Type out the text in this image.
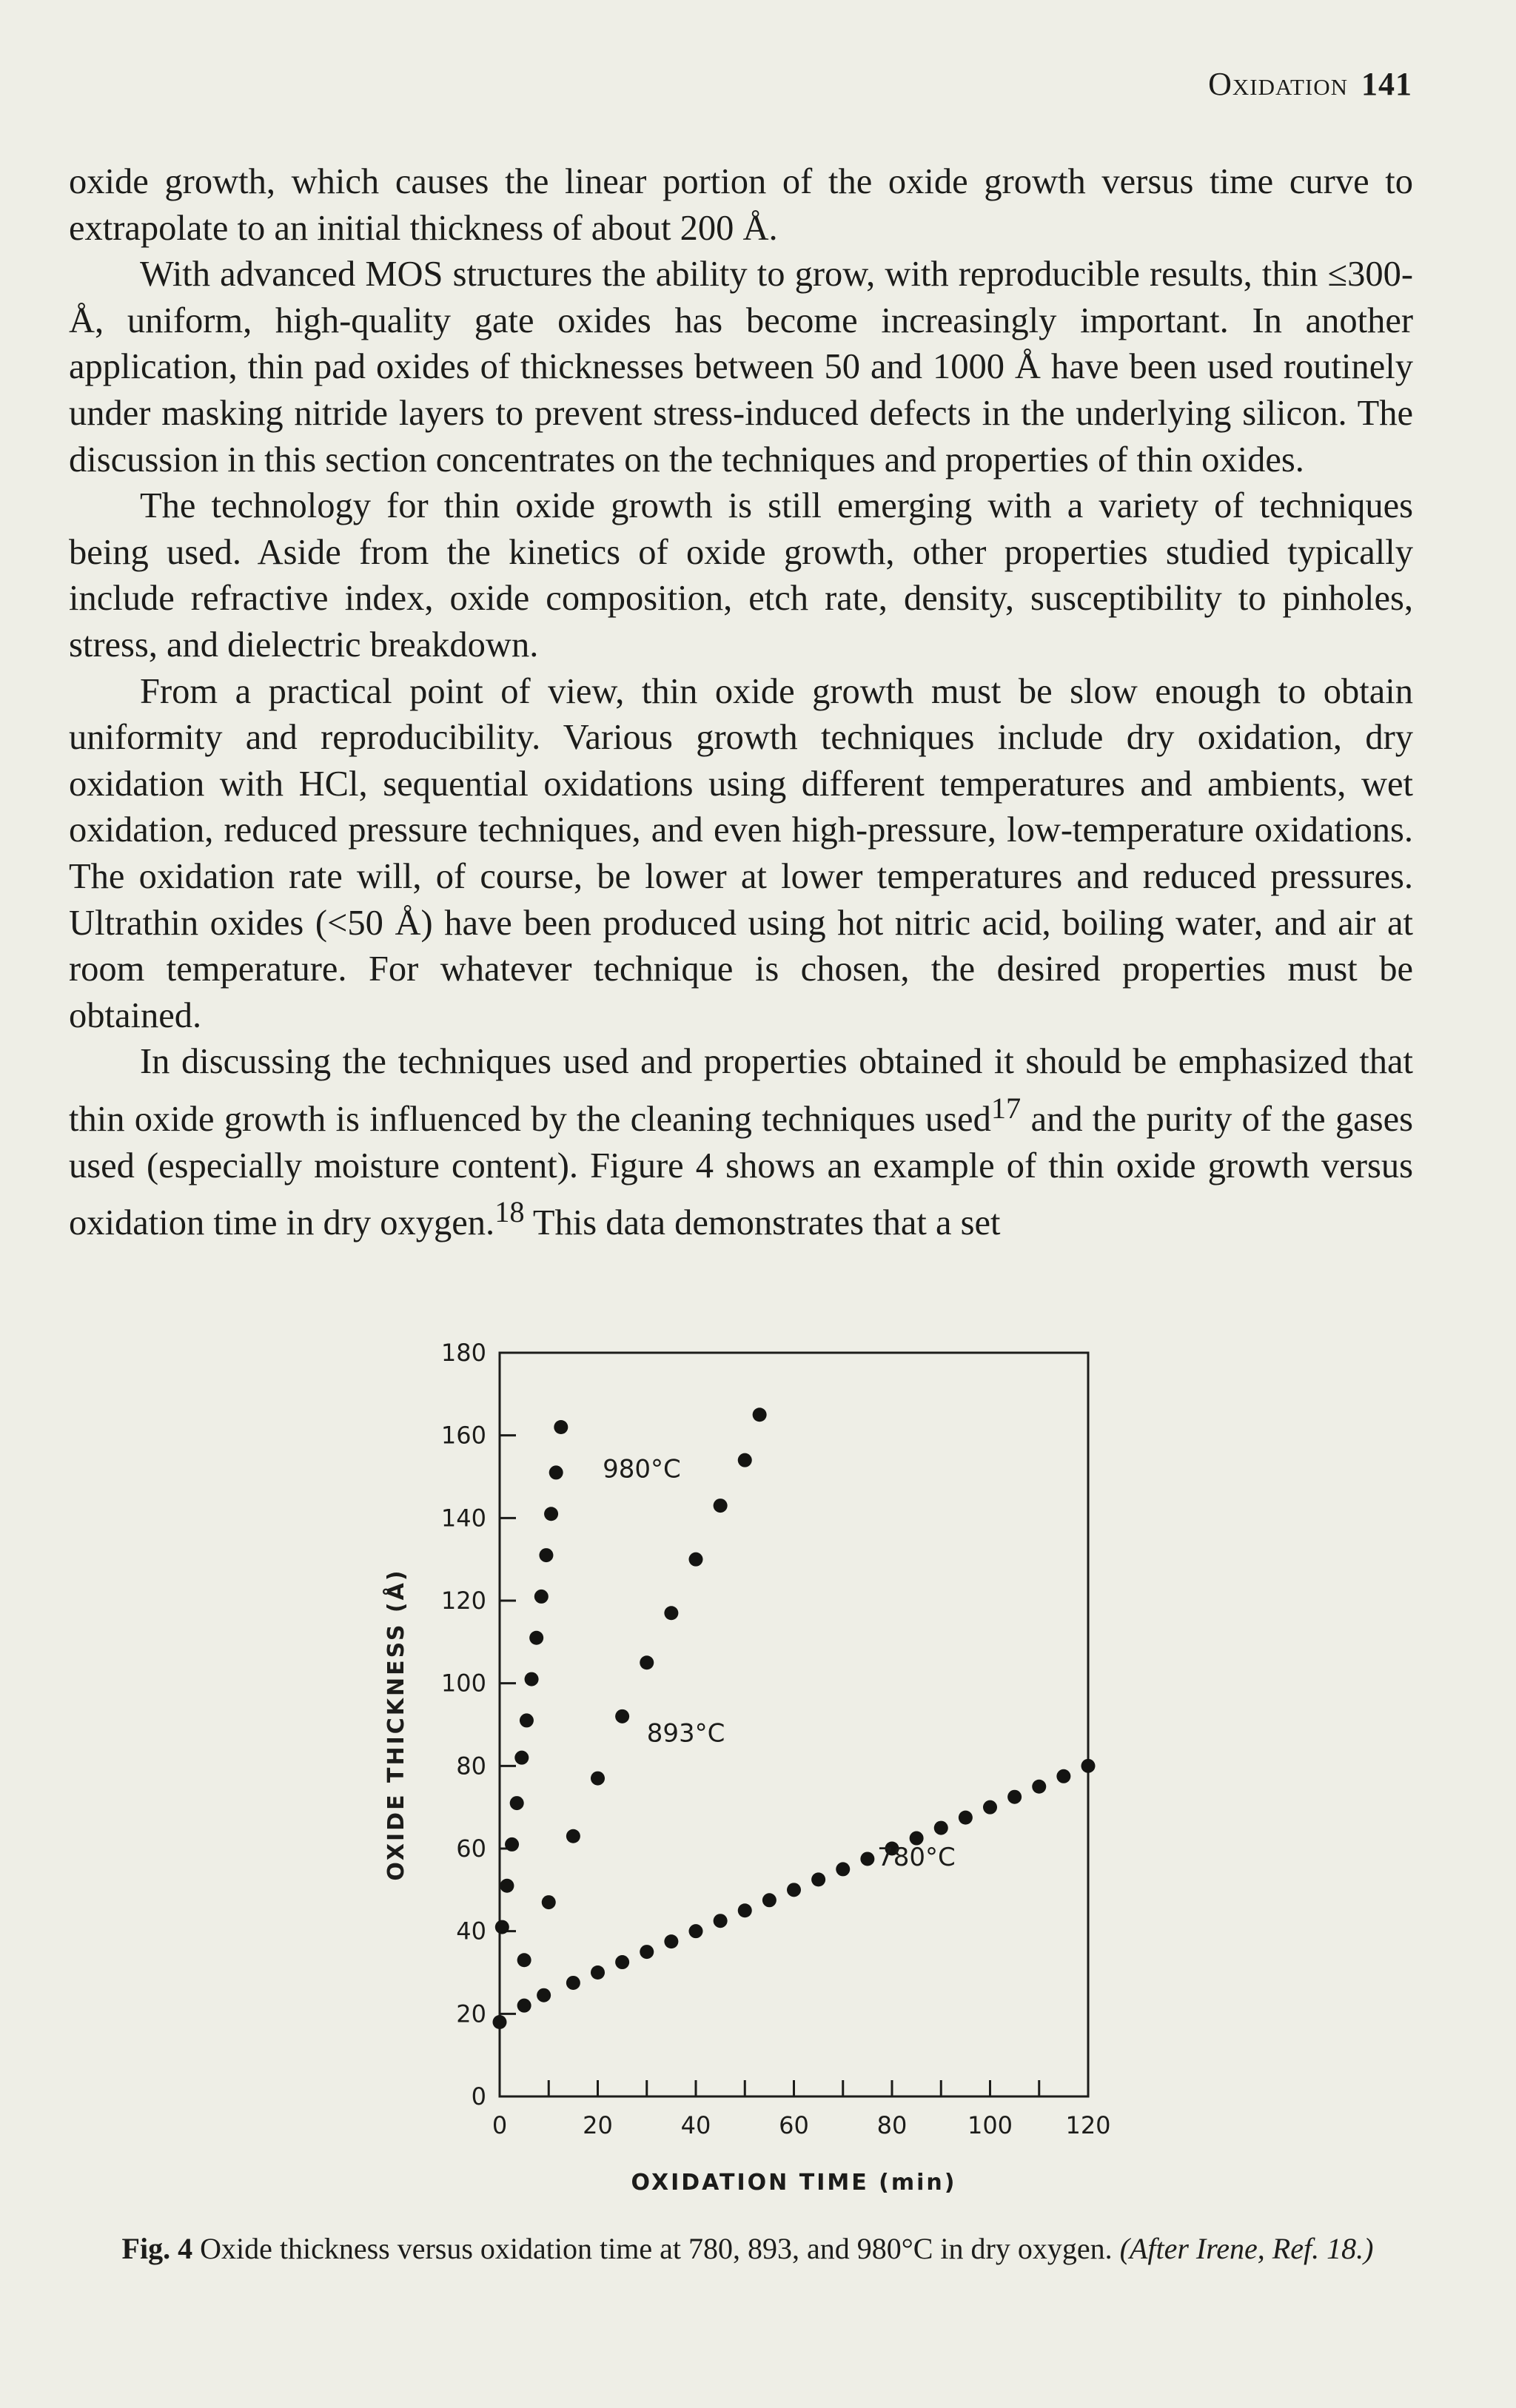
Oxidation 141

oxide growth, which causes the linear portion of the oxide growth versus time curve to extrapolate to an initial thickness of about 200 Å.

With advanced MOS structures the ability to grow, with reproducible results, thin ≤300-Å, uniform, high-quality gate oxides has become increasingly important. In another application, thin pad oxides of thicknesses between 50 and 1000 Å have been used routinely under masking nitride layers to prevent stress-induced defects in the underlying silicon. The discussion in this section concentrates on the techniques and properties of thin oxides.

The technology for thin oxide growth is still emerging with a variety of techniques being used. Aside from the kinetics of oxide growth, other properties studied typically include refractive index, oxide composition, etch rate, density, susceptibility to pinholes, stress, and dielectric breakdown.

From a practical point of view, thin oxide growth must be slow enough to obtain uniformity and reproducibility. Various growth techniques include dry oxidation, dry oxidation with HCl, sequential oxidations using different temperatures and ambients, wet oxidation, reduced pressure techniques, and even high-pressure, low-temperature oxidations. The oxidation rate will, of course, be lower at lower temperatures and reduced pressures. Ultrathin oxides (<50 Å) have been produced using hot nitric acid, boiling water, and air at room temperature. For whatever technique is chosen, the desired properties must be obtained.

In discussing the techniques used and properties obtained it should be emphasized that thin oxide growth is influenced by the cleaning techniques used$^{17}$ and the purity of the gases used (especially moisture content). Figure 4 shows an example of thin oxide growth versus oxidation time in dry oxygen.$^{18}$ This data demonstrates that a set

0
20
40
60
80
100
120
140
160
180
0	20	40	60	80	100 120
OXIDE THICKNESS (Å)
OXIDATION TIME (min)
980°C
893°C
780°C
Fig. 4 Oxide thickness versus oxidation time at 780, 893, and 980°C in dry oxygen. (After Irene, Ref. 18.)
